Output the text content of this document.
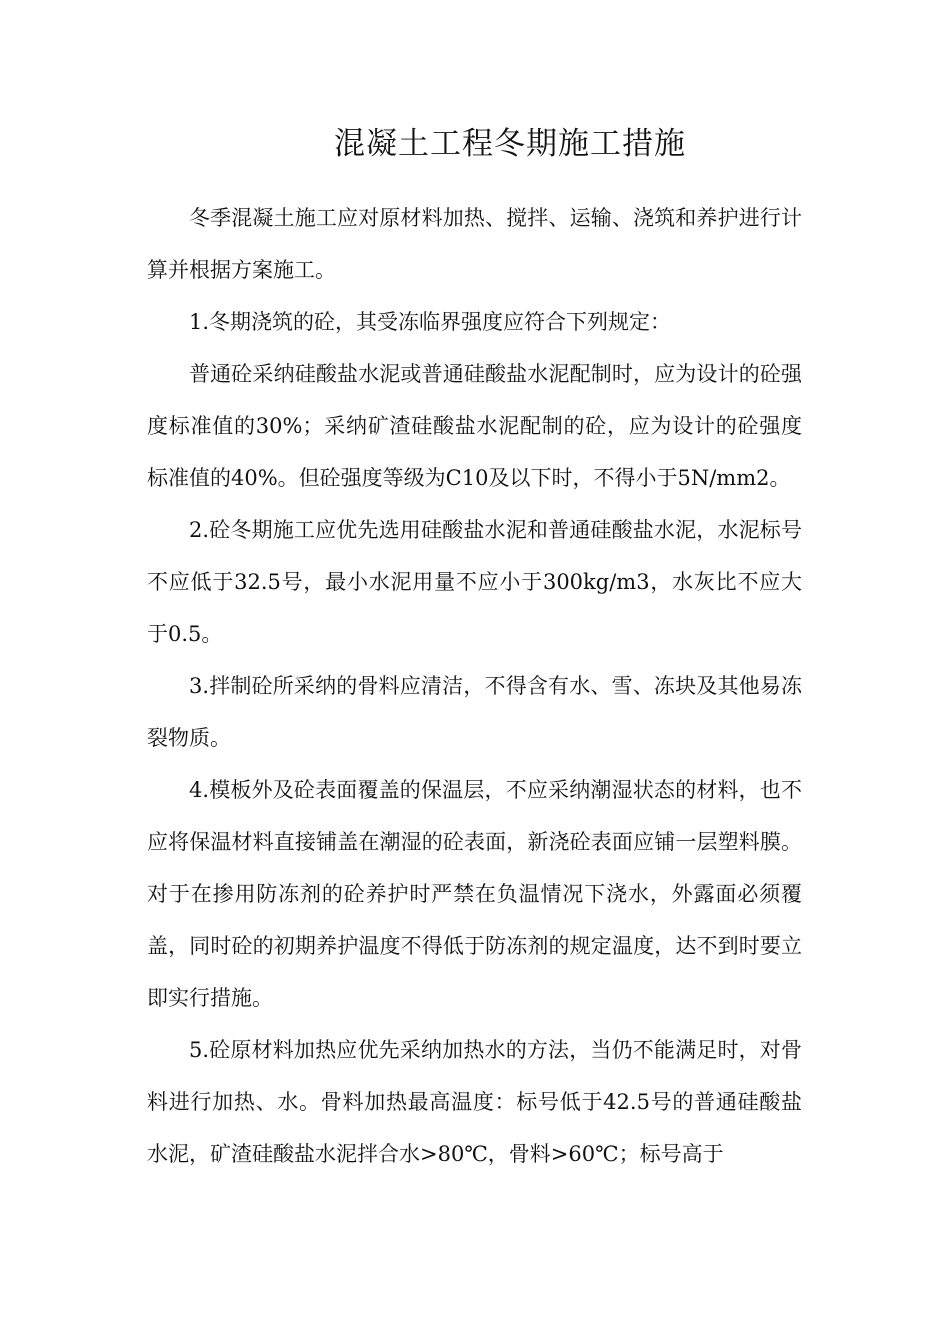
混凝土工程冬期施工措施

冬季混凝土施工应对原材料加热、搅拌、运输、浇筑和养护进行计算并根据方案施工。

1.冬期浇筑的砼，其受冻临界强度应符合下列规定：

普通砼采纳硅酸盐水泥或普通硅酸盐水泥配制时，应为设计的砼强度标准值的30%；采纳矿渣硅酸盐水泥配制的砼，应为设计的砼强度标准值的40%。但砼强度等级为C10及以下时，不得小于5N/mm2。

2.砼冬期施工应优先选用硅酸盐水泥和普通硅酸盐水泥，水泥标号不应低于32.5号，最小水泥用量不应小于300kg/m3，水灰比不应大于0.5。

3.拌制砼所采纳的骨料应清洁，不得含有水、雪、冻块及其他易冻裂物质。

4.模板外及砼表面覆盖的保温层，不应采纳潮湿状态的材料，也不应将保温材料直接铺盖在潮湿的砼表面，新浇砼表面应铺一层塑料膜。对于在掺用防冻剂的砼养护时严禁在负温情况下浇水，外露面必须覆盖，同时砼的初期养护温度不得低于防冻剂的规定温度，达不到时要立即实行措施。

5.砼原材料加热应优先采纳加热水的方法，当仍不能满足时，对骨料进行加热、水。骨料加热最高温度：标号低于42.5号的普通硅酸盐水泥，矿渣硅酸盐水泥拌合水>80℃，骨料>60℃；标号高于
